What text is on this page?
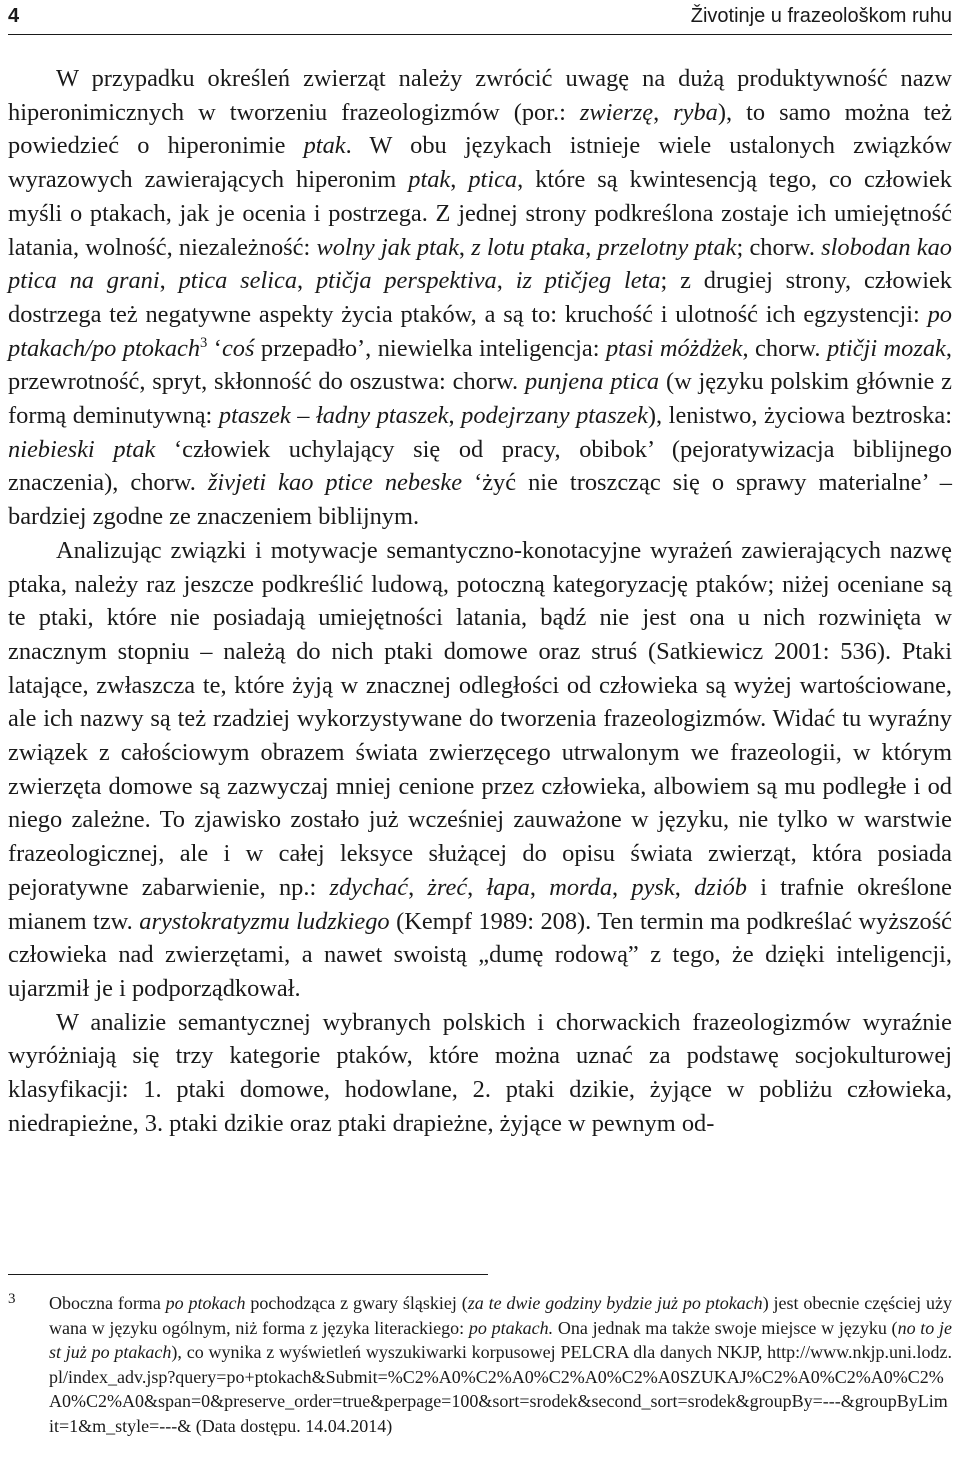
4	Životinje u frazeološkom ruhu

W przypadku określeń zwierząt należy zwrócić uwagę na dużą produktywność nazw hiperonimicznych w tworzeniu frazeologizmów (por.: zwierzę, ryba), to samo można też powiedzieć o hiperonimie ptak. W obu językach istnieje wiele ustalonych związków wyrazowych zawierających hiperonim ptak, ptica, które są kwintesencją tego, co człowiek myśli o ptakach, jak je ocenia i postrzega. Z jednej strony podkreślona zostaje ich umiejętność latania, wolność, niezależność: wolny jak ptak, z lotu ptaka, przelotny ptak; chorw. slobodan kao ptica na grani, ptica selica, ptičja perspektiva, iz ptičjeg leta; z drugiej strony, człowiek dostrzega też negatywne aspekty życia ptaków, a są to: kruchość i ulotność ich egzystencji: po ptakach/po ptokach$^3$ ‘coś przepadło’, niewielka inteligencja: ptasi móżdżek, chorw. ptičji mozak, przewrotność, spryt, skłonność do oszustwa: chorw. punjena ptica (w języku polskim głównie z formą deminutywną: ptaszek – ładny ptaszek, podejrzany ptaszek), lenistwo, życiowa beztroska: niebieski ptak ‘człowiek uchylający się od pracy, obibok’ (pejoratywizacja biblijnego znaczenia), chorw. živjeti kao ptice nebeske ‘żyć nie troszcząc się o sprawy materialne’ – bardziej zgodne ze znaczeniem biblijnym.

Analizując związki i motywacje semantyczno-konotacyjne wyrażeń zawierających nazwę ptaka, należy raz jeszcze podkreślić ludową, potoczną kategoryzację ptaków; niżej oceniane są te ptaki, które nie posiadają umiejętności latania, bądź nie jest ona u nich rozwinięta w znacznym stopniu – należą do nich ptaki domowe oraz struś (Satkiewicz 2001: 536). Ptaki latające, zwłaszcza te, które żyją w znacznej odległości od człowieka są wyżej wartościowane, ale ich nazwy są też rzadziej wykorzystywane do tworzenia frazeologizmów. Widać tu wyraźny związek z całościowym obrazem świata zwierzęcego utrwalonym we frazeologii, w którym zwierzęta domowe są zazwyczaj mniej cenione przez człowieka, albowiem są mu podległe i od niego zależne. To zjawisko zostało już wcześniej zauważone w języku, nie tylko w warstwie frazeologicznej, ale i w całej leksyce służącej do opisu świata zwierząt, która posiada pejoratywne zabarwienie, np.: zdychać, żreć, łapa, morda, pysk, dziób i trafnie określone mianem tzw. arystokratyzmu ludzkiego (Kempf 1989: 208). Ten termin ma podkreślać wyższość człowieka nad zwierzętami, a nawet swoistą „dumę rodową” z tego, że dzięki inteligencji, ujarzmił je i podporządkował.

W analizie semantycznej wybranych polskich i chorwackich frazeologizmów wyraźnie wyróżniają się trzy kategorie ptaków, które można uznać za podstawę socjokulturowej klasyfikacji: 1. ptaki domowe, hodowlane, 2. ptaki dzikie, żyjące w pobliżu człowieka, niedrapieżne, 3. ptaki dzikie oraz ptaki drapieżne, żyjące w pewnym od-

3 Oboczna forma po ptokach pochodząca z gwary śląskiej (za te dwie godziny bydzie już po ptokach) jest obecnie częściej używana w języku ogólnym, niż forma z języka literackiego: po ptakach. Ona jednak ma także swoje miejsce w języku (no to jest już po ptakach), co wynika z wyświetleń wyszukiwarki korpusowej PELCRA dla danych NKJP, http://www.nkjp.uni.lodz.pl/index_adv.jsp?query=po+ptokach&Submit=%C2%A0%C2%A0%C2%A0%C2%A0SZUKAJ%C2%A0%C2%A0%C2%A0%C2%A0&span=0&preserve_order=true&perpage=100&sort=srodek&second_sort=srodek&groupBy=---&groupByLimit=1&m_style=---& (Data dostępu. 14.04.2014)
